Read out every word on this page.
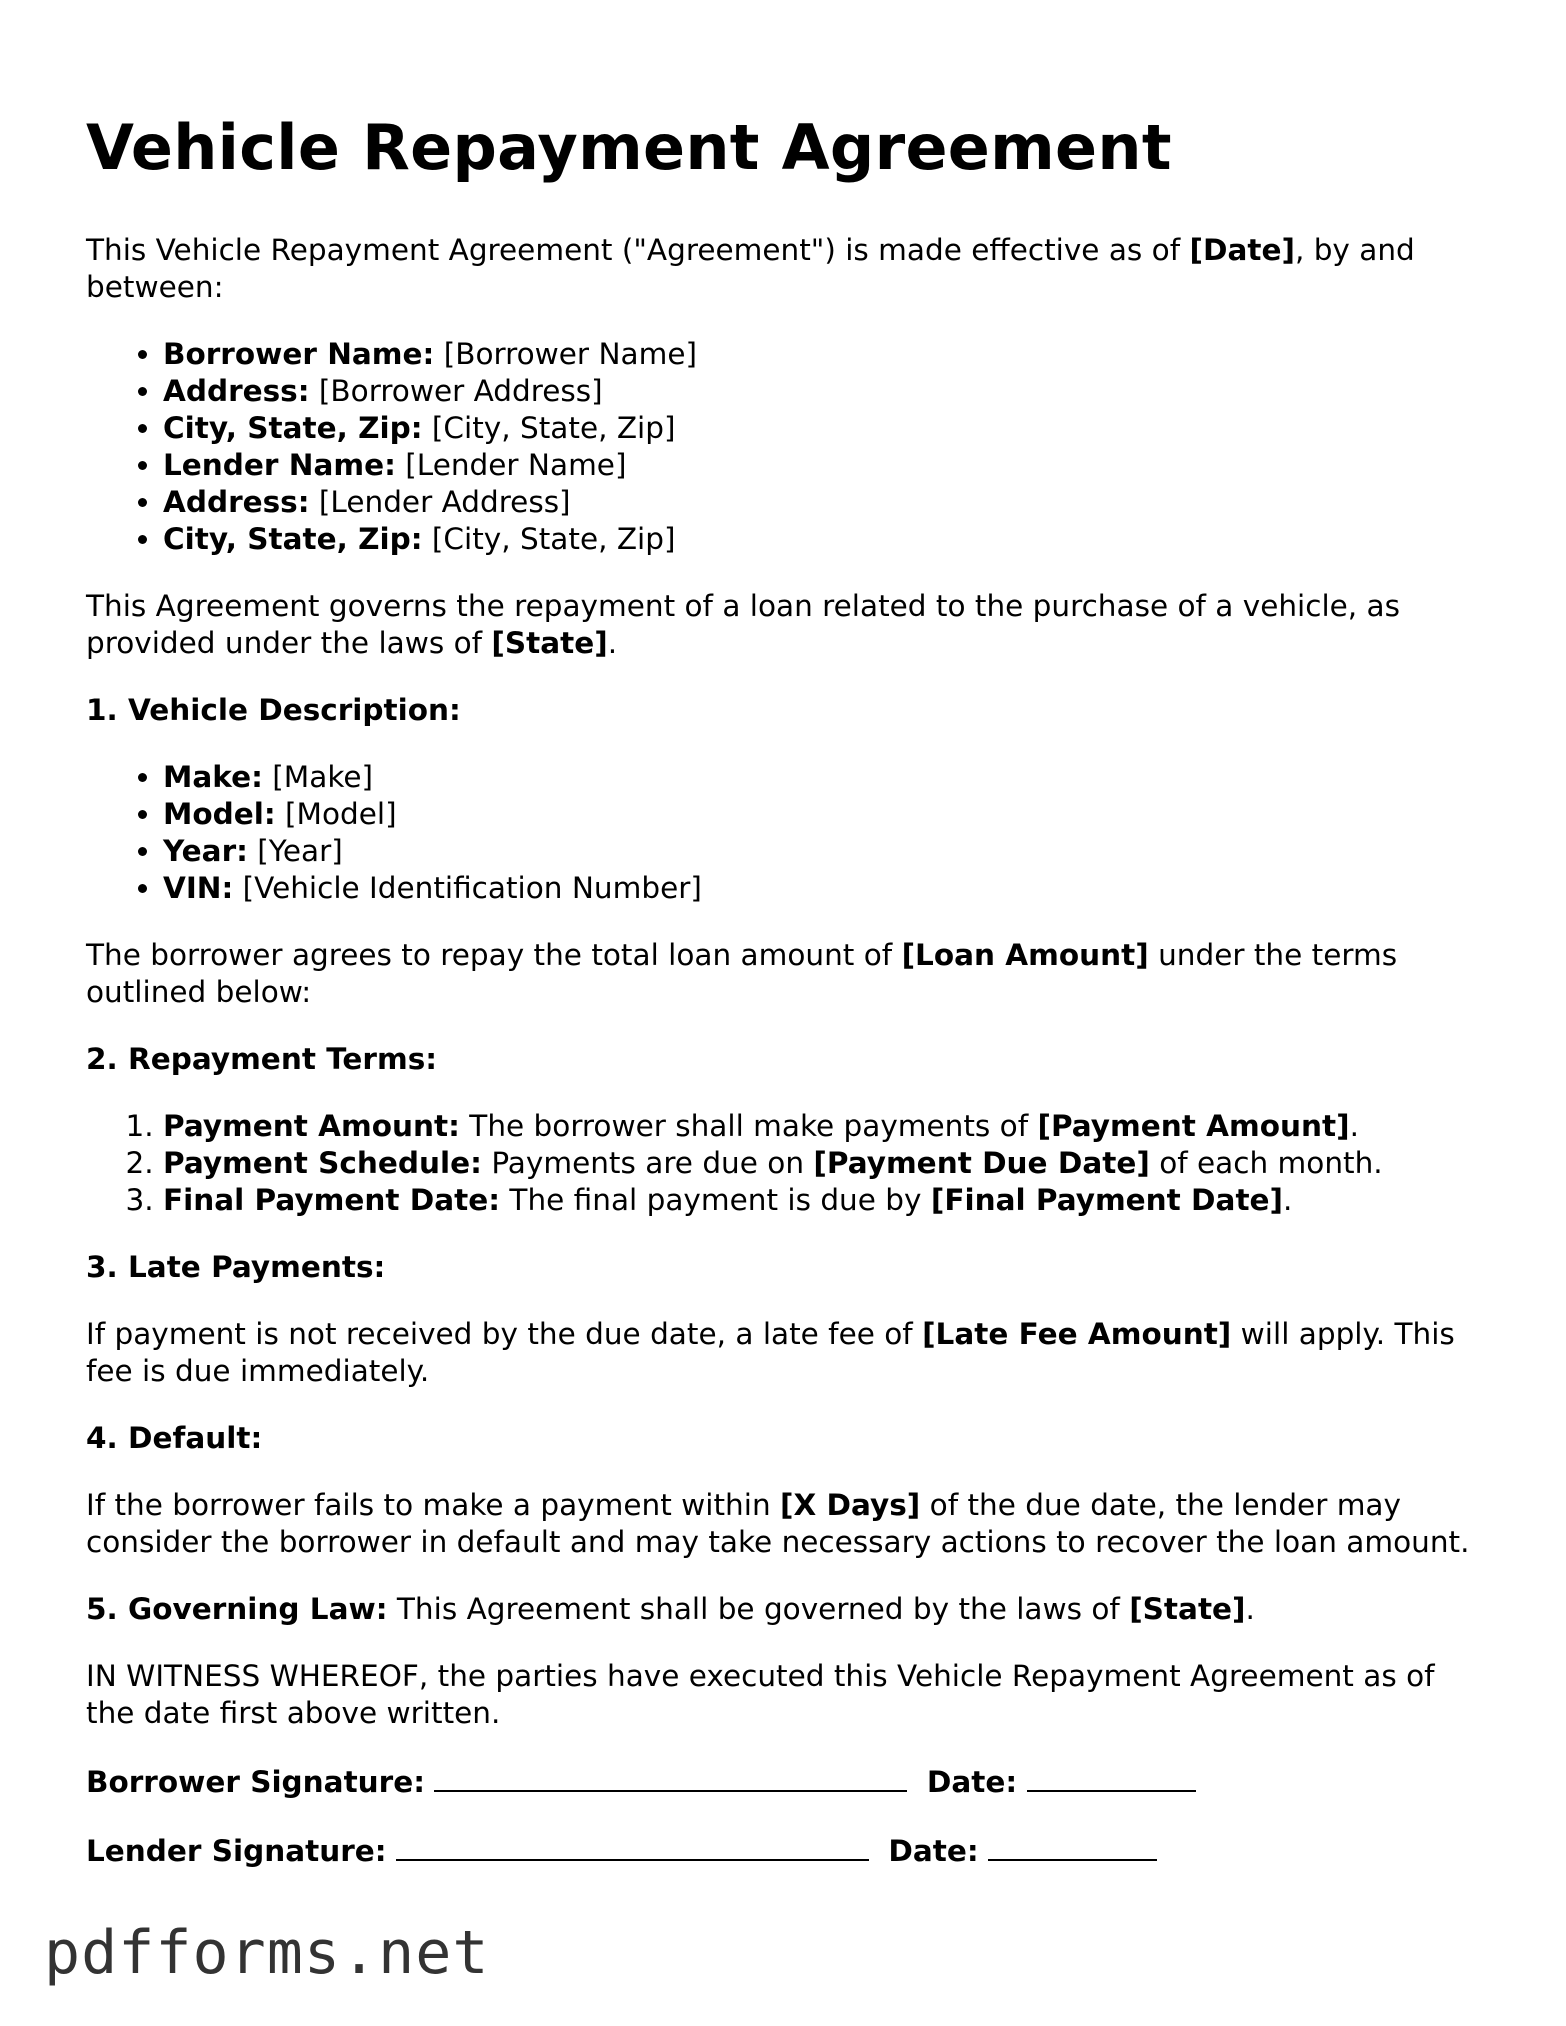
Vehicle Repayment Agreement

This Vehicle Repayment Agreement ("Agreement") is made effective as of [Date], by and between:

• Borrower Name: [Borrower Name]
• Address: [Borrower Address]
• City, State, Zip: [City, State, Zip]
• Lender Name: [Lender Name]
• Address: [Lender Address]
• City, State, Zip: [City, State, Zip]

This Agreement governs the repayment of a loan related to the purchase of a vehicle, as provided under the laws of [State].

1. Vehicle Description:

• Make: [Make]
• Model: [Model]
• Year: [Year]
• VIN: [Vehicle Identification Number]

The borrower agrees to repay the total loan amount of [Loan Amount] under the terms outlined below:

2. Repayment Terms:

1. Payment Amount: The borrower shall make payments of [Payment Amount].
2. Payment Schedule: Payments are due on [Payment Due Date] of each month.
3. Final Payment Date: The final payment is due by [Final Payment Date].

3. Late Payments:

If payment is not received by the due date, a late fee of [Late Fee Amount] will apply. This fee is due immediately.

4. Default:

If the borrower fails to make a payment within [X Days] of the due date, the lender may consider the borrower in default and may take necessary actions to recover the loan amount.

5. Governing Law: This Agreement shall be governed by the laws of [State].

IN WITNESS WHEREOF, the parties have executed this Vehicle Repayment Agreement as of the date first above written.

Borrower Signature:	Date:
Lender Signature:	Date:
pdfforms.net
